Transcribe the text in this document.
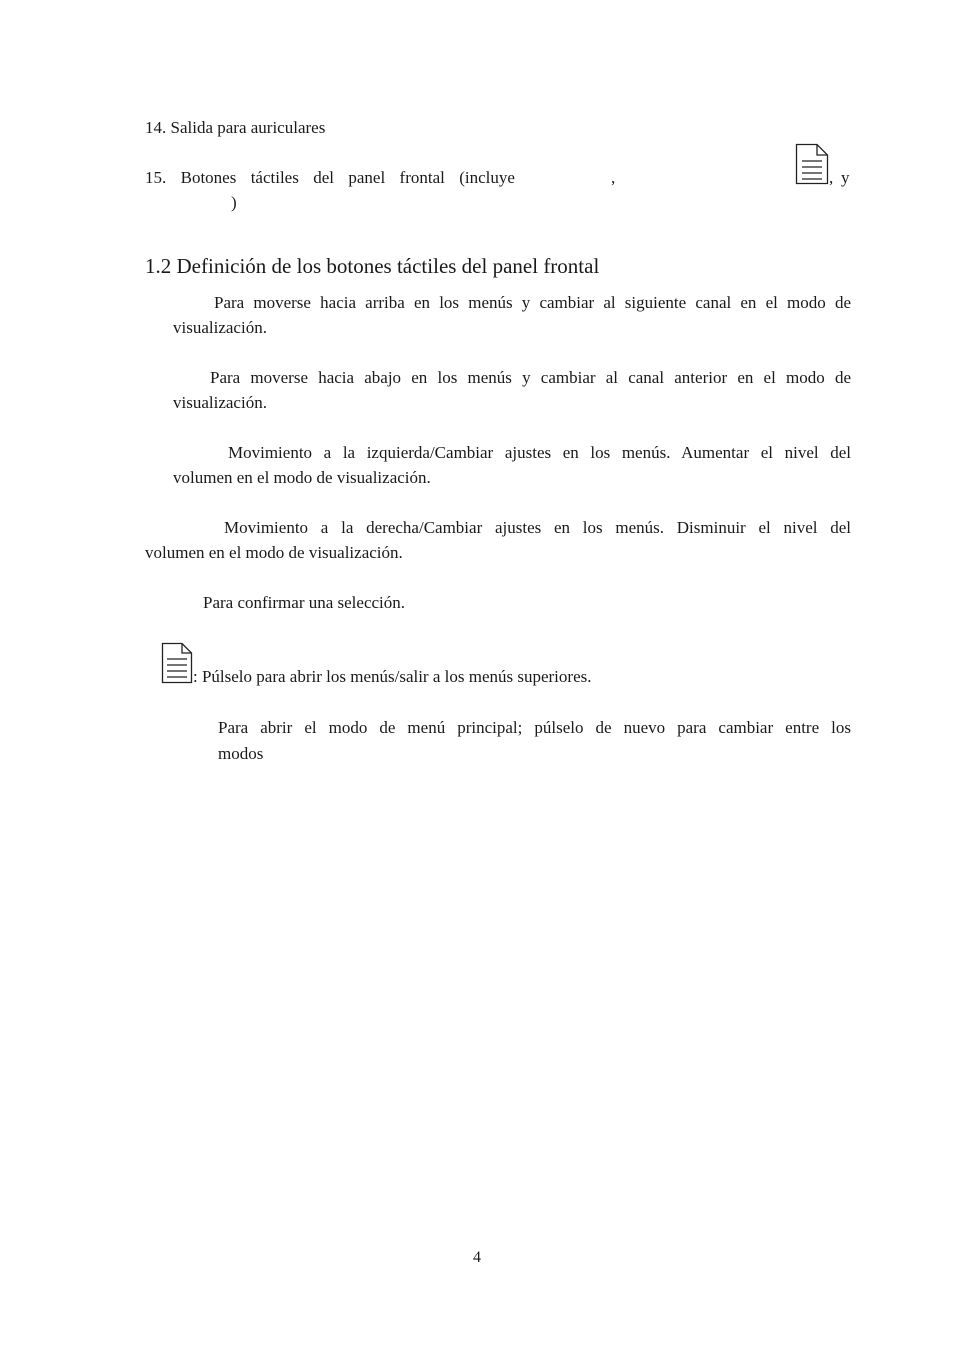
14. Salida para auriculares
15. Botones táctiles del panel frontal (incluye	,	, y
)
1.2 Definición de los botones táctiles del panel frontal
Para moverse hacia arriba en los menús y cambiar al siguiente canal en el modo de
visualización.
Para moverse hacia abajo en los menús y cambiar al canal anterior en el modo de
visualización.
Movimiento a la izquierda/Cambiar ajustes en los menús. Aumentar el nivel del
volumen en el modo de visualización.
Movimiento a la derecha/Cambiar ajustes en los menús. Disminuir el nivel del
volumen en el modo de visualización.
Para confirmar una selección.
: Púlselo para abrir los menús/salir a los menús superiores.
Para abrir el modo de menú principal; púlselo de nuevo para cambiar entre los
modos
4
